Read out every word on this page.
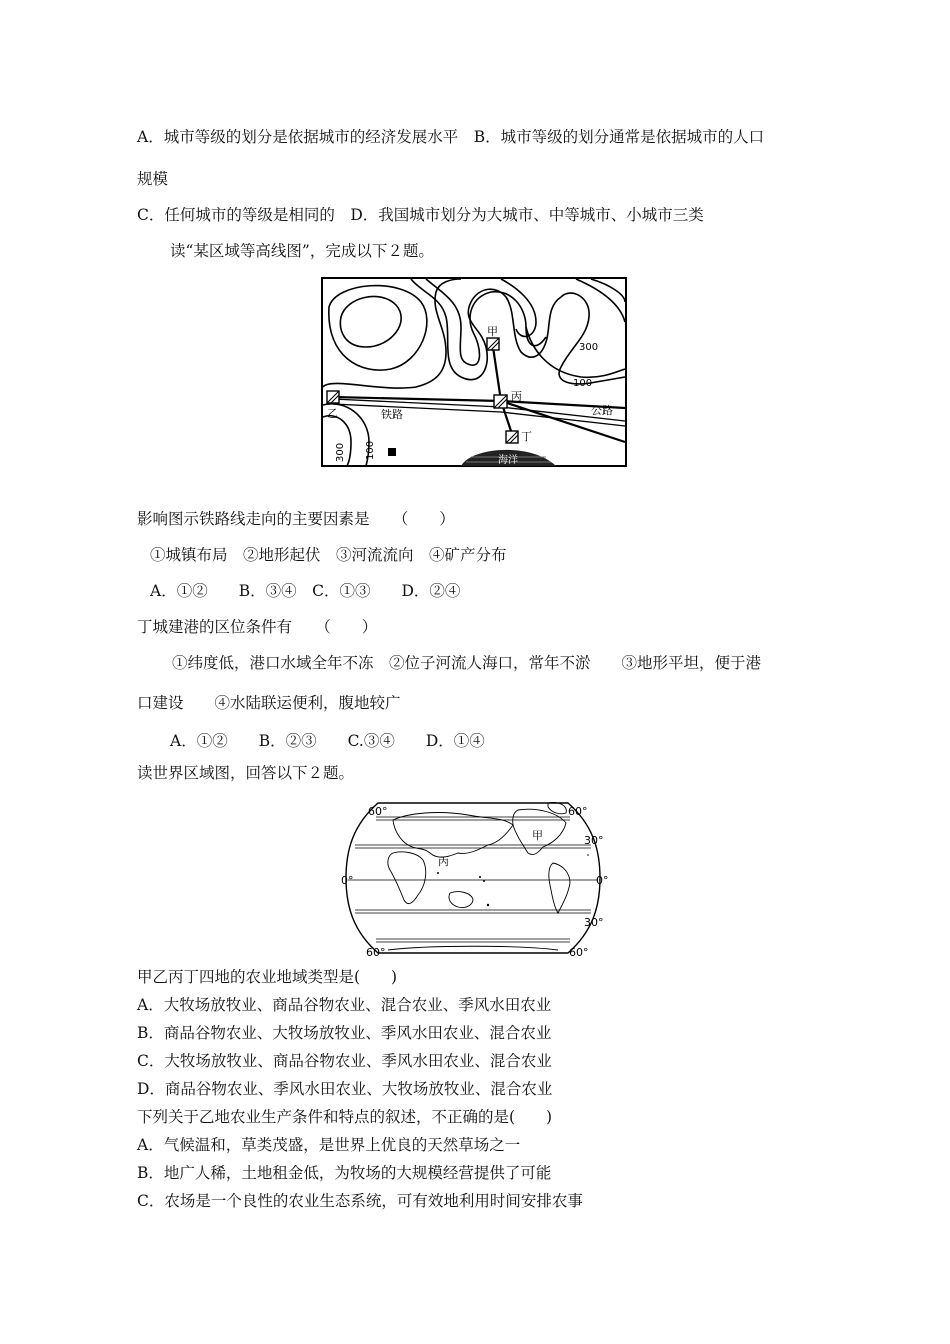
A．城市等级的划分是依据城市的经济发展水平　B．城市等级的划分通常是依据城市的人口
规模
C．任何城市的等级是相同的　D．我国城市划分为大城市、中等城市、小城市三类
读“某区域等高线图”，完成以下２题。
甲
乙
丙
丁
铁路	公路
海洋
300
100
300 100
影响图示铁路线走向的主要因素是　　（　　）
①城镇布局　②地形起伏　③河流流向　④矿产分布
A．①②　　B．③④　C．①③　　D．②④
丁城建港的区位条件有　　（　　）
①纬度低，港口水域全年不冻　②位子河流人海口，常年不淤　　③地形平坦，便于港
口建设　　④水陆联运便利，腹地较广
A．①②　　B．②③　　C.③④　　D．①④
读世界区域图，回答以下２题。
60°	60°
30°
0°	0°
30°
60°	60°
甲
丙
甲乙丙丁四地的农业地域类型是(　　)
A．大牧场放牧业、商品谷物农业、混合农业、季风水田农业
B．商品谷物农业、大牧场放牧业、季风水田农业、混合农业
C．大牧场放牧业、商品谷物农业、季风水田农业、混合农业
D．商品谷物农业、季风水田农业、大牧场放牧业、混合农业
下列关于乙地农业生产条件和特点的叙述，不正确的是(　　)
A．气候温和，草类茂盛，是世界上优良的天然草场之一
B．地广人稀，土地租金低，为牧场的大规模经营提供了可能
C．农场是一个良性的农业生态系统，可有效地利用时间安排农事
